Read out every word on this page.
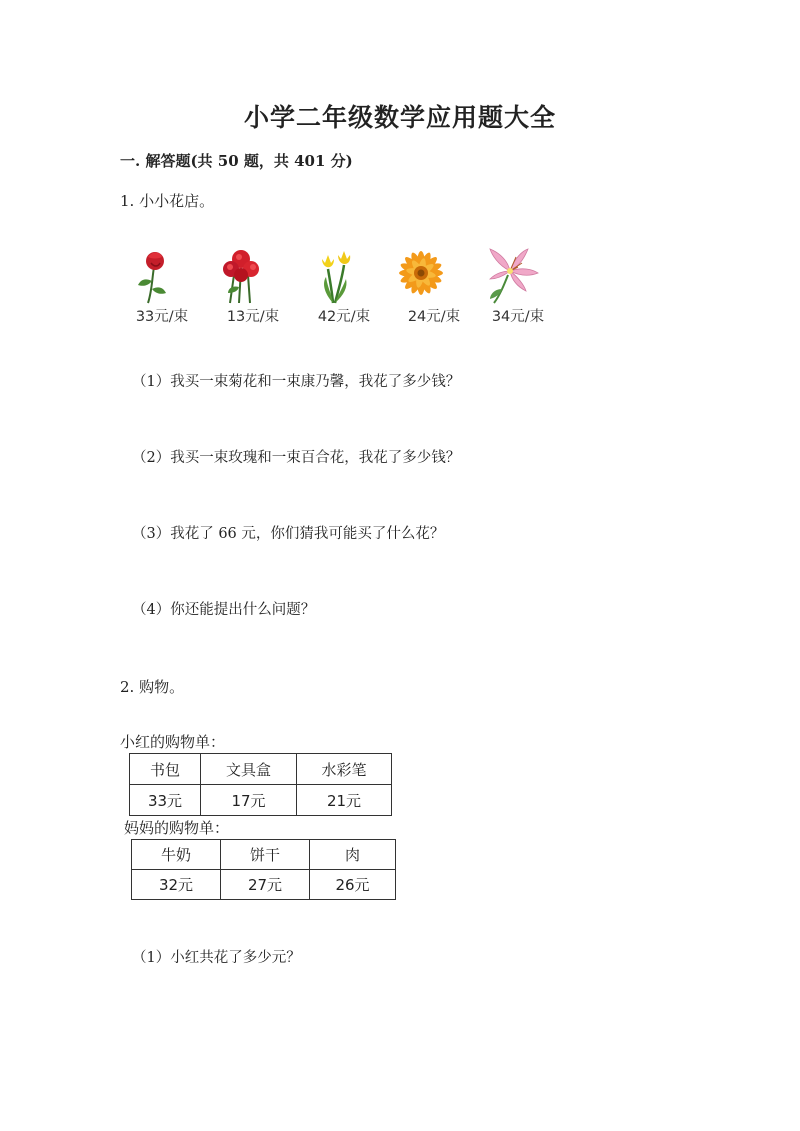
小学二年级数学应用题大全
一. 解答题(共 50 题，共 401 分)
1. 小小花店。
33元/束	13元/束	42元/束	24元/束	34元/束
（1）我买一束菊花和一束康乃馨，我花了多少钱？
（2）我买一束玫瑰和一束百合花，我花了多少钱？
（3）我花了 66 元，你们猜我可能买了什么花？
（4）你还能提出什么问题？
2. 购物。
小红的购物单：
书包	文具盒	水彩笔
33元	17元	21元
妈妈的购物单：
牛奶	饼干	肉
32元	27元	26元
（1）小红共花了多少元？
